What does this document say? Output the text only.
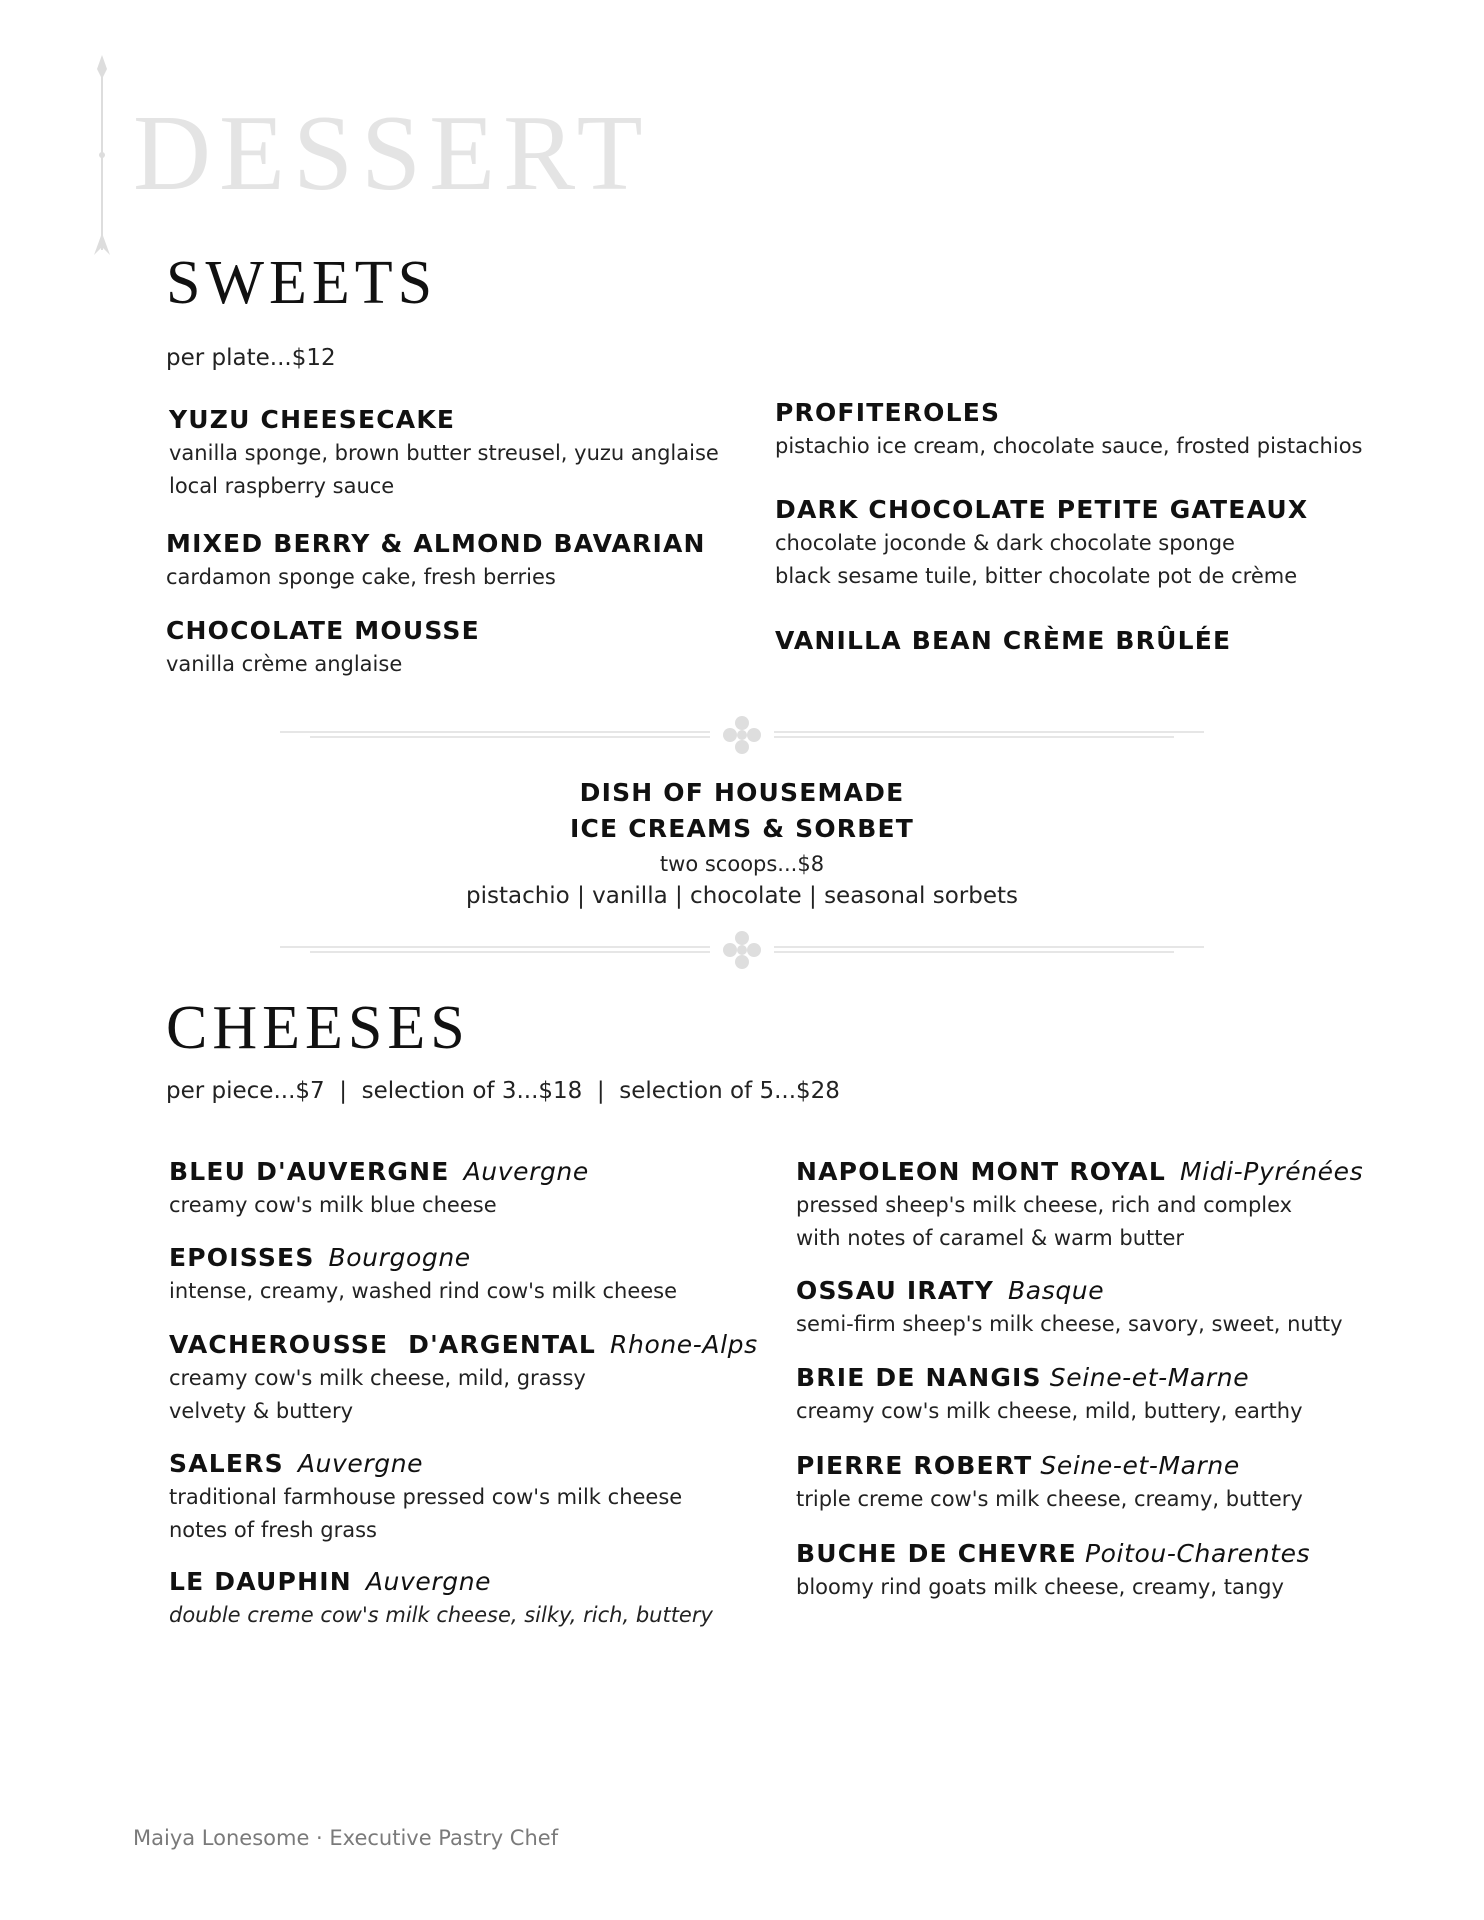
DESSERT
SWEETS
per plate...$12
YUZU CHEESECAKE
vanilla sponge, brown butter streusel, yuzu anglaise
local raspberry sauce
MIXED BERRY & ALMOND BAVARIAN
cardamon sponge cake, fresh berries
CHOCOLATE MOUSSE
vanilla crème anglaise
PROFITEROLES
pistachio ice cream, chocolate sauce, frosted pistachios
DARK CHOCOLATE PETITE GATEAUX
chocolate joconde & dark chocolate sponge
black sesame tuile, bitter chocolate pot de crème
VANILLA BEAN CRÈME BRÛLÉE
DISH OF HOUSEMADE
ICE CREAMS & SORBET
two scoops...$8
pistachio | vanilla | chocolate | seasonal sorbets
CHEESES
per piece...$7  |  selection of 3...$18  |  selection of 5...$28
BLEU D'AUVERGNE Auvergne
creamy cow's milk blue cheese
EPOISSES Bourgogne
intense, creamy, washed rind cow's milk cheese
VACHEROUSSE  D'ARGENTAL Rhone-Alps
creamy cow's milk cheese, mild, grassy
velvety & buttery
SALERS Auvergne
traditional farmhouse pressed cow's milk cheese
notes of fresh grass
LE DAUPHIN Auvergne
double creme cow's milk cheese, silky, rich, buttery
NAPOLEON MONT ROYAL Midi-Pyrénées
pressed sheep's milk cheese, rich and complex
with notes of caramel & warm butter
OSSAU IRATY Basque
semi-firm sheep's milk cheese, savory, sweet, nutty
BRIE DE NANGIS Seine-et-Marne
creamy cow's milk cheese, mild, buttery, earthy
PIERRE ROBERT Seine-et-Marne
triple creme cow's milk cheese, creamy, buttery
BUCHE DE CHEVRE Poitou-Charentes
bloomy rind goats milk cheese, creamy, tangy
Maiya Lonesome · Executive Pastry Chef
